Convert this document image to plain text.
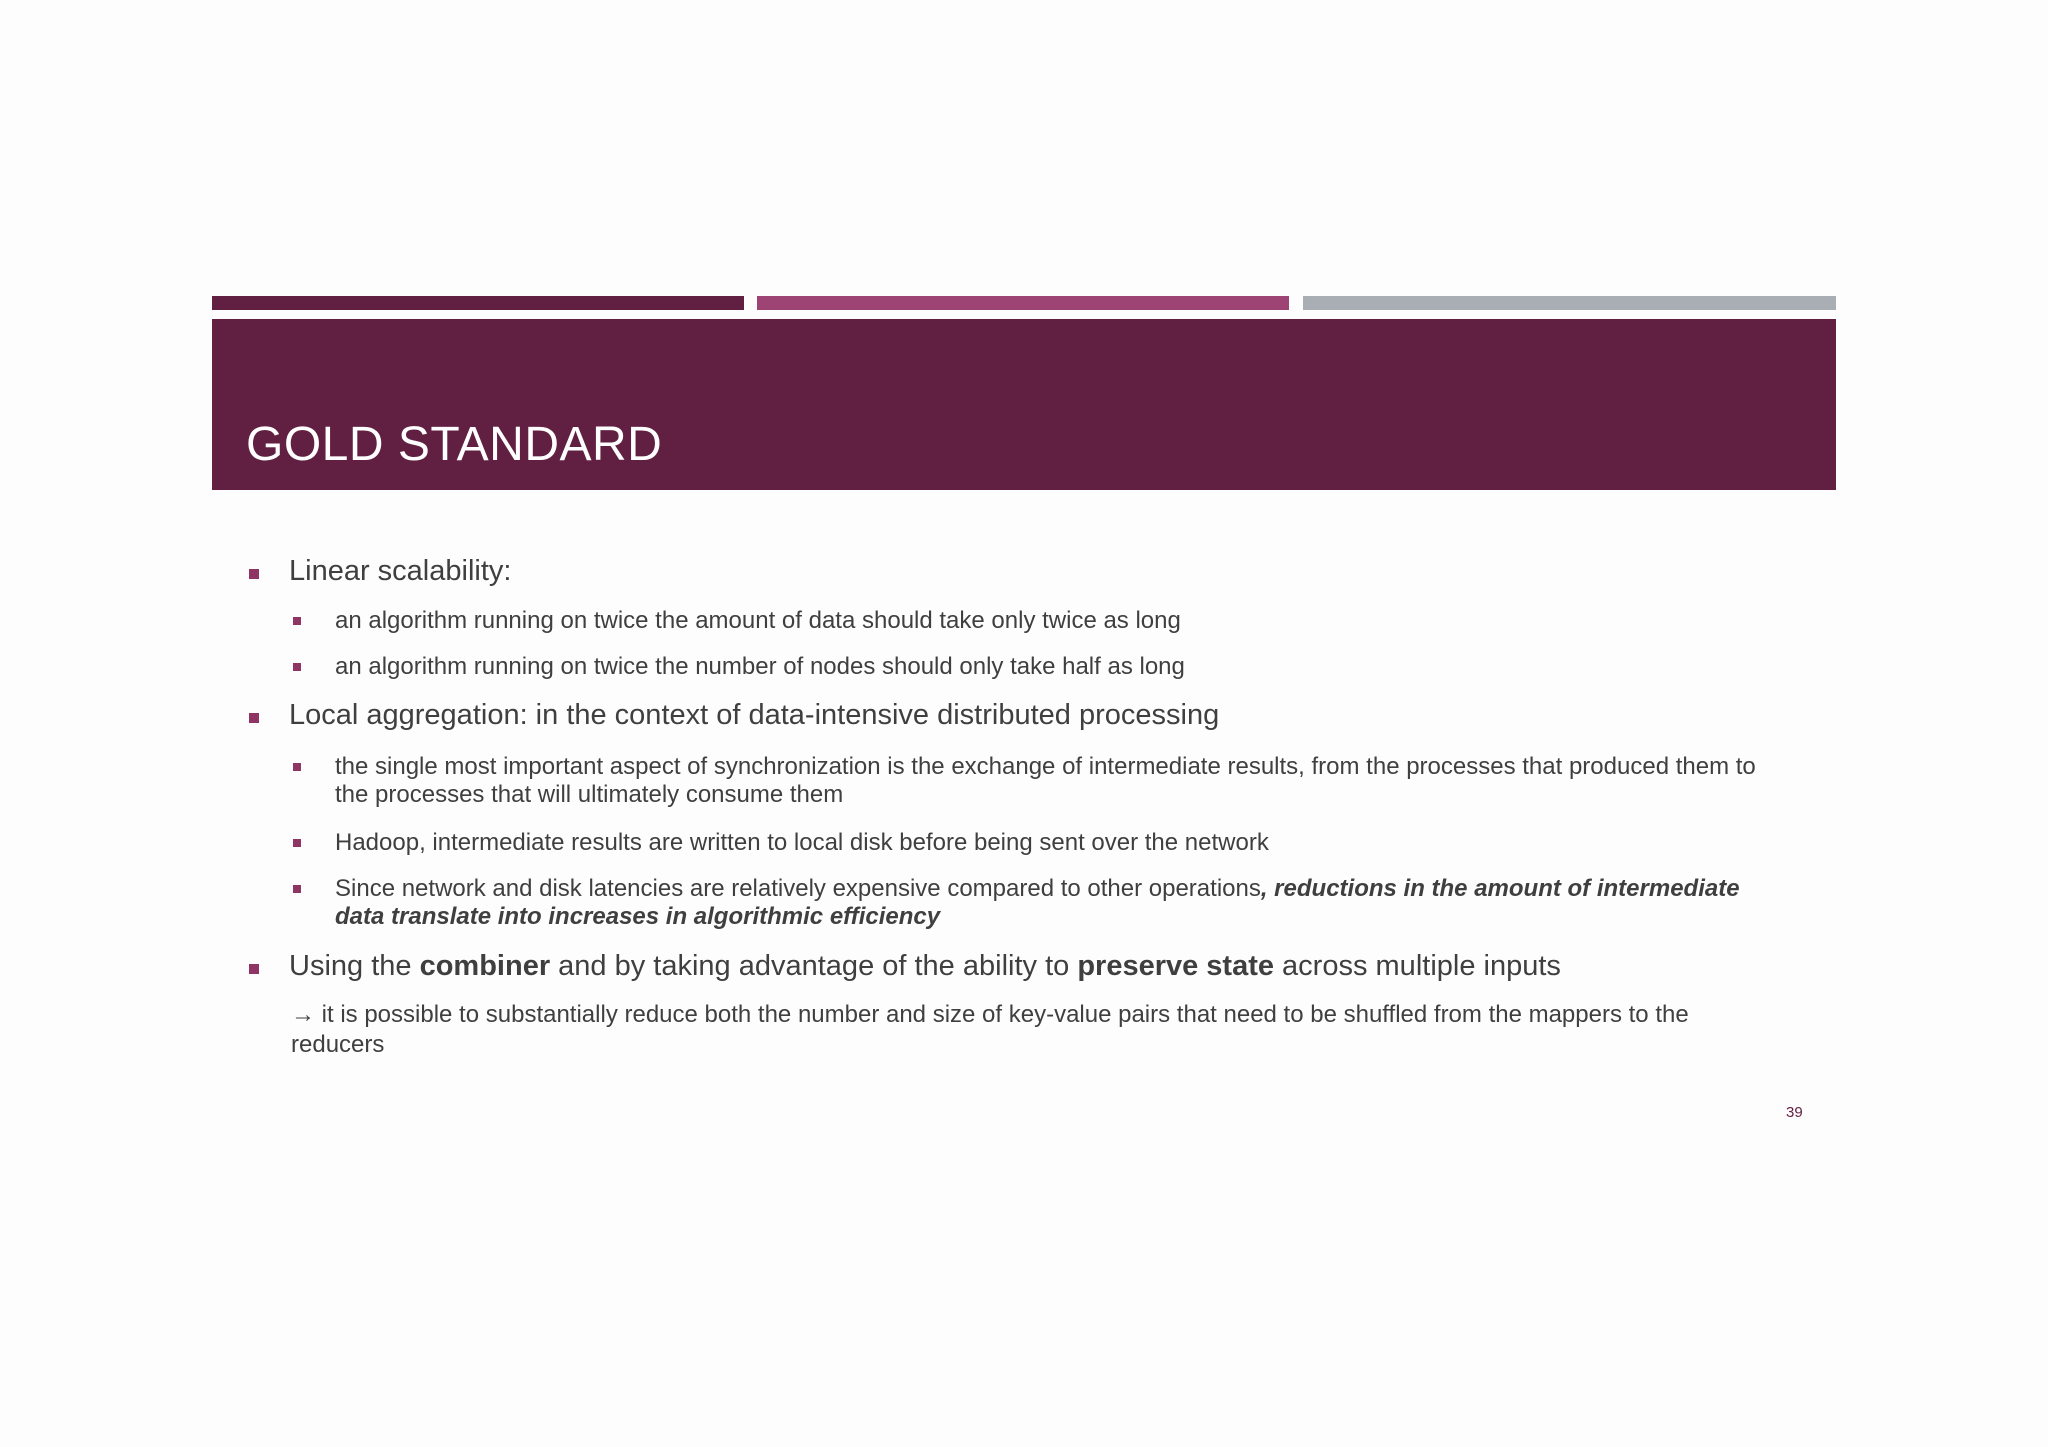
GOLD STANDARD
Linear scalability:
an algorithm running on twice the amount of data should take only twice as long
an algorithm running on twice the number of nodes should only take half as long
Local aggregation: in the context of data-intensive distributed processing
the single most important aspect of synchronization is the exchange of intermediate results, from the processes that produced them to
the processes that will ultimately consume them
Hadoop, intermediate results are written to local disk before being sent over the network
Since network and disk latencies are relatively expensive compared to other operations, reductions in the amount of intermediate
data translate into increases in algorithmic efficiency
Using the combiner and by taking advantage of the ability to preserve state across multiple inputs
→ it is possible to substantially reduce both the number and size of key-value pairs that need to be shuffled from the mappers to the
reducers
39
